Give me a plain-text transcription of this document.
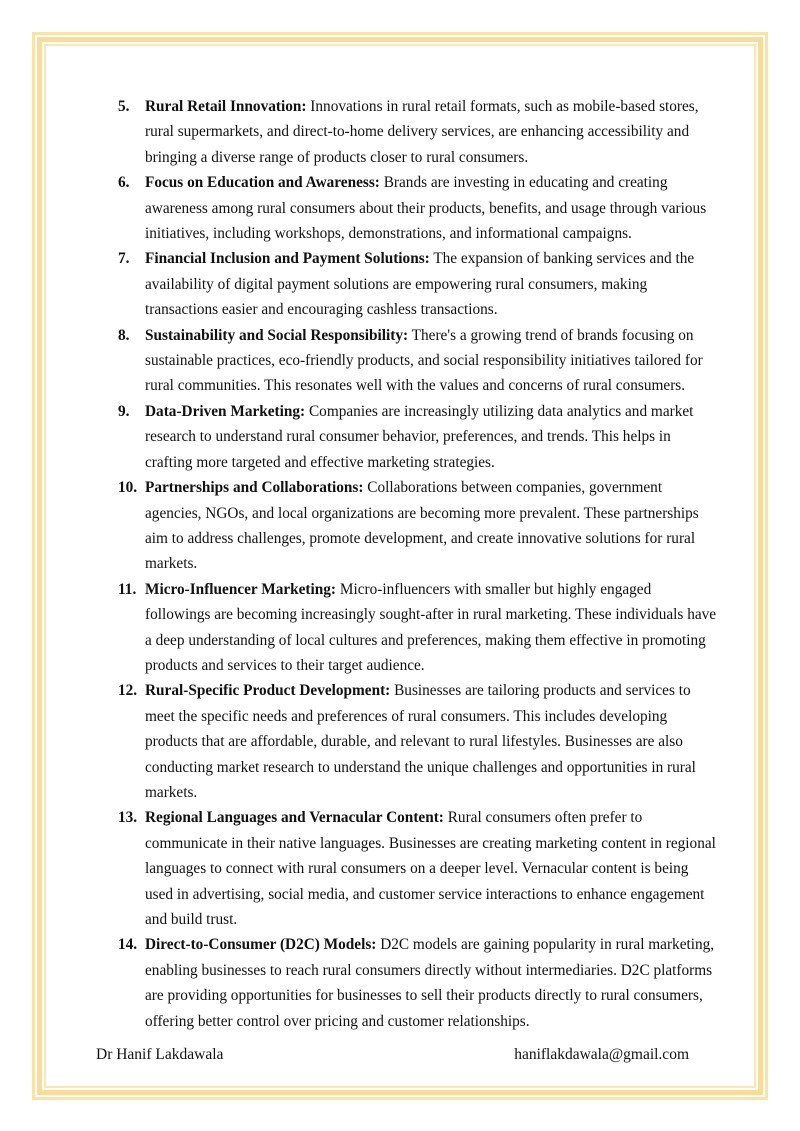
5. Rural Retail Innovation: Innovations in rural retail formats, such as mobile-based stores, rural supermarkets, and direct-to-home delivery services, are enhancing accessibility and bringing a diverse range of products closer to rural consumers.
6. Focus on Education and Awareness: Brands are investing in educating and creating awareness among rural consumers about their products, benefits, and usage through various initiatives, including workshops, demonstrations, and informational campaigns.
7. Financial Inclusion and Payment Solutions: The expansion of banking services and the availability of digital payment solutions are empowering rural consumers, making transactions easier and encouraging cashless transactions.
8. Sustainability and Social Responsibility: There's a growing trend of brands focusing on sustainable practices, eco-friendly products, and social responsibility initiatives tailored for rural communities. This resonates well with the values and concerns of rural consumers.
9. Data-Driven Marketing: Companies are increasingly utilizing data analytics and market research to understand rural consumer behavior, preferences, and trends. This helps in crafting more targeted and effective marketing strategies.
10. Partnerships and Collaborations: Collaborations between companies, government agencies, NGOs, and local organizations are becoming more prevalent. These partnerships aim to address challenges, promote development, and create innovative solutions for rural markets.
11. Micro-Influencer Marketing: Micro-influencers with smaller but highly engaged followings are becoming increasingly sought-after in rural marketing. These individuals have a deep understanding of local cultures and preferences, making them effective in promoting products and services to their target audience.
12. Rural-Specific Product Development: Businesses are tailoring products and services to meet the specific needs and preferences of rural consumers. This includes developing products that are affordable, durable, and relevant to rural lifestyles. Businesses are also conducting market research to understand the unique challenges and opportunities in rural markets.
13. Regional Languages and Vernacular Content: Rural consumers often prefer to communicate in their native languages. Businesses are creating marketing content in regional languages to connect with rural consumers on a deeper level. Vernacular content is being used in advertising, social media, and customer service interactions to enhance engagement and build trust.
14. Direct-to-Consumer (D2C) Models: D2C models are gaining popularity in rural marketing, enabling businesses to reach rural consumers directly without intermediaries. D2C platforms are providing opportunities for businesses to sell their products directly to rural consumers, offering better control over pricing and customer relationships.
Dr Hanif Lakdawala	haniflakdawala@gmail.com
